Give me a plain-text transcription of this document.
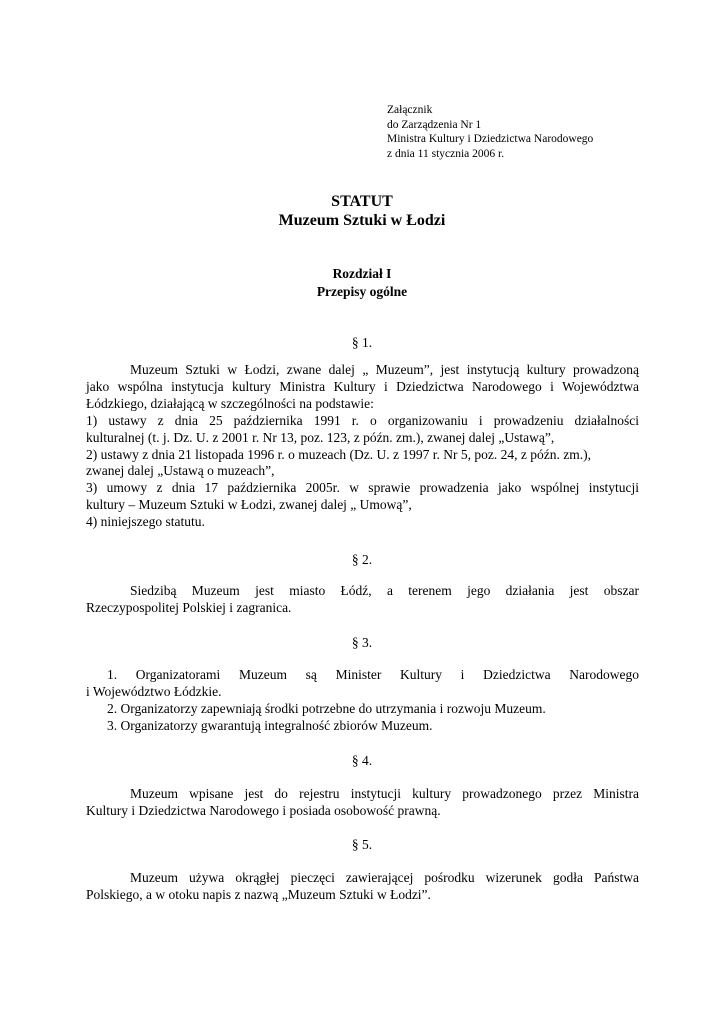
Załącznik
do Zarządzenia Nr 1
Ministra Kultury i Dziedzictwa Narodowego
z dnia 11 stycznia 2006 r.
STATUT
Muzeum Sztuki w Łodzi
Rozdział I
Przepisy ogólne
§ 1.
Muzeum Sztuki w Łodzi, zwane dalej „ Muzeum”, jest instytucją kultury prowadzoną
jako wspólna instytucja kultury Ministra Kultury i Dziedzictwa Narodowego i Województwa
Łódzkiego, działającą w szczególności na podstawie:
1) ustawy z dnia 25 października 1991 r. o organizowaniu i prowadzeniu działalności
kulturalnej (t. j. Dz. U. z 2001 r. Nr 13, poz. 123, z późn. zm.), zwanej dalej „Ustawą”,
2) ustawy z dnia 21 listopada 1996 r. o muzeach (Dz. U. z 1997 r. Nr 5, poz. 24, z późn. zm.),
zwanej dalej „Ustawą o muzeach”,
3) umowy z dnia 17 października 2005r. w sprawie prowadzenia jako wspólnej instytucji
kultury – Muzeum Sztuki w Łodzi, zwanej dalej „ Umową”,
4) niniejszego statutu.
§ 2.
Siedzibą Muzeum jest miasto Łódź, a terenem jego działania jest obszar
Rzeczypospolitej Polskiej i zagranica.
§ 3.
1. Organizatorami Muzeum są Minister Kultury i Dziedzictwa Narodowego
i Województwo Łódzkie.
2. Organizatorzy zapewniają środki potrzebne do utrzymania i rozwoju Muzeum.
3. Organizatorzy gwarantują integralność zbiorów Muzeum.
§ 4.
Muzeum wpisane jest do rejestru instytucji kultury prowadzonego przez Ministra
Kultury i Dziedzictwa Narodowego i posiada osobowość prawną.
§ 5.
Muzeum używa okrągłej pieczęci zawierającej pośrodku wizerunek godła Państwa
Polskiego, a w otoku napis z nazwą „Muzeum Sztuki w Łodzi”.
